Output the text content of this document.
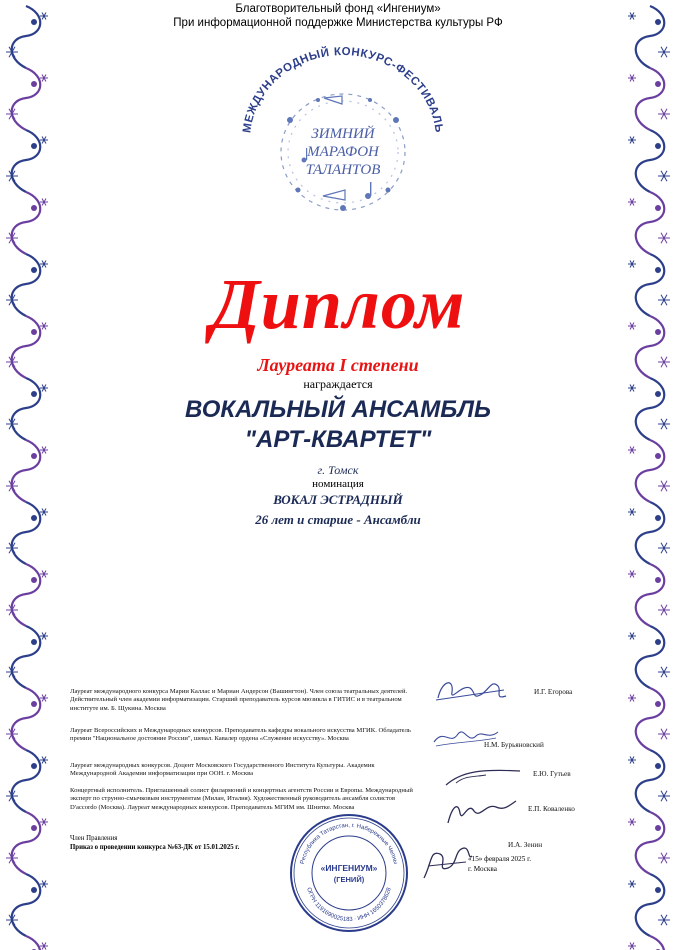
Благотворительный фонд «Ингениум»
При информационной поддержке Министерства культуры РФ
МЕЖДУНАРОДНЫЙ КОНКУРС-ФЕСТИВАЛЬ
ЗИМНИЙ
МАРАФОН
ТАЛАНТОВ
Диплом
Лауреата I степени
награждается
ВОКАЛЬНЫЙ АНСАМБЛЬ
"АРТ-КВАРТЕТ"
г. Томск
номинация
ВОКАЛ ЭСТРАДНЫЙ
26 лет и старше - Ансамбли
Лауреат международного конкурса Марии Каллас и Мариан Андерсон (Вашингтон). Член союза театральных деятелей. Действительный член академии информатизации. Старший преподаватель курсов мюзикла в ГИТИС и в театральном институте им. Б. Щукина. Москва
И.Г. Егорова
Лауреат Всероссийских и Международных конкурсов. Преподаватель кафедры вокального искусства МГИК. Обладатель премии "Национальное достояние России", шевал. Кавалер ордена «Служение искусству». Москва
Н.М. Бурьяновский
Лауреат международных конкурсов. Доцент Московского Государственного Института Культуры. Академик Международной Академии информатизации при ООН. г. Москва	Е.Ю. Гутьев
Концертный исполнитель. Приглашенный солист филармоний и концертных агентств России и Европы. Международный эксперт по струнно-смычковым инструментам (Милан, Италия). Художественный руководитель ансамбля солистов D'accordo (Москва). Лауреат международных конкурсов. Преподаватель МГИМ им. Шнитке. Москва	Е.П. Коваленко
Член Правления
Приказ о проведении конкурса №63-ДК от 15.01.2025 г.	И.А. Зенин
«15» февраля 2025 г.
г. Москва
Республика Татарстан, г. Набережные Челны
ОГРН 1191690025183 · ИНН 1650378628
«ИНГЕНИУМ»
(ГЕНИЙ)
